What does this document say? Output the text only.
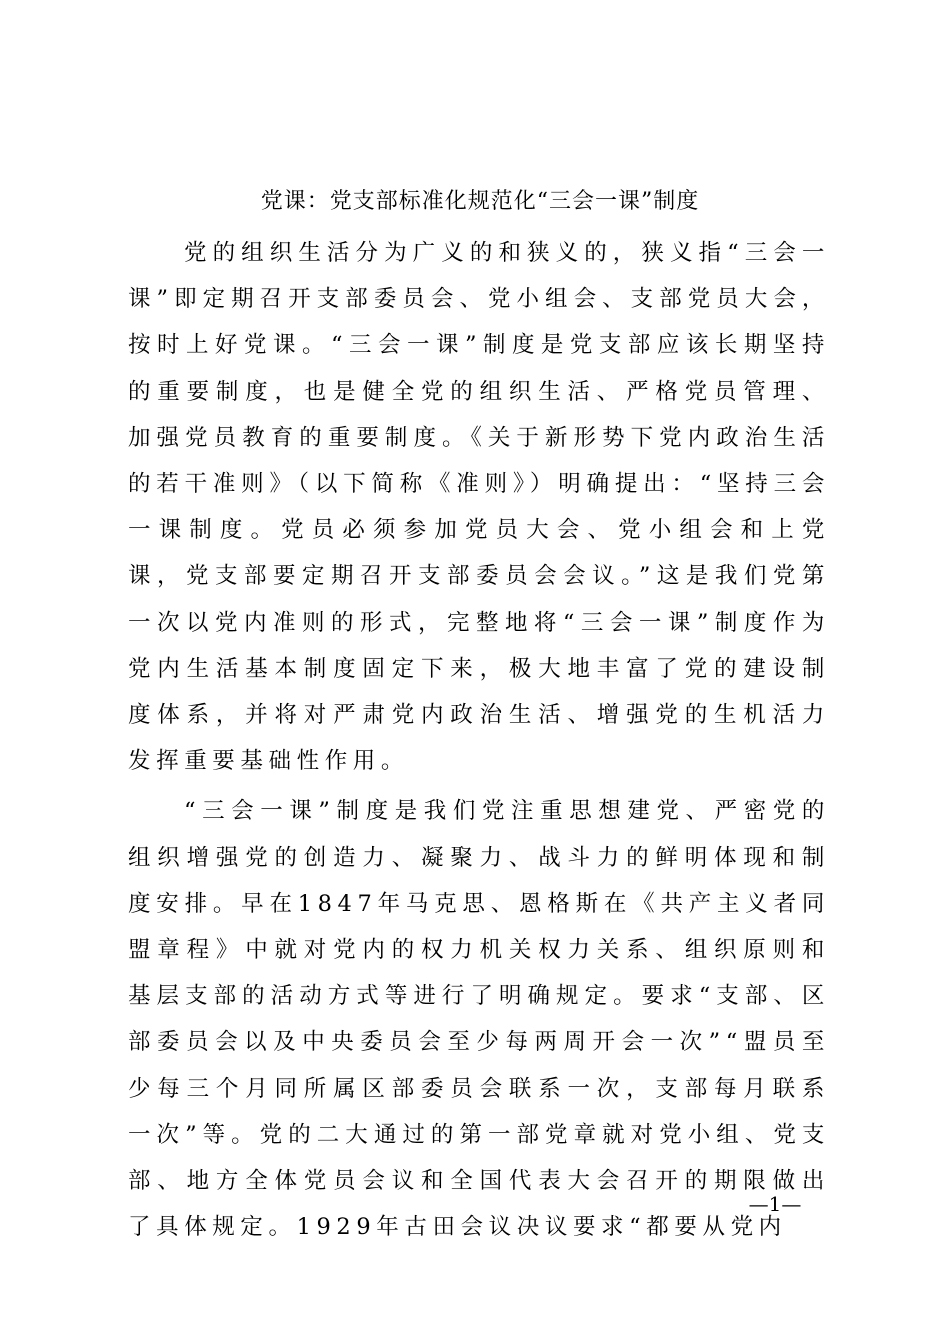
党课：党支部标准化规范化“三会一课”制度

党的组织生活分为广义的和狭义的，狭义指“三会一课”即定期召开支部委员会、党小组会、支部党员大会，按时上好党课。“三会一课”制度是党支部应该长期坚持的重要制度，也是健全党的组织生活、严格党员管理、加强党员教育的重要制度。《关于新形势下党内政治生活的若干准则》（以下简称《准则》）明确提出：“坚持三会一课制度。党员必须参加党员大会、党小组会和上党课，党支部要定期召开支部委员会会议。”这是我们党第一次以党内准则的形式，完整地将“三会一课”制度作为党内生活基本制度固定下来，极大地丰富了党的建设制度体系，并将对严肃党内政治生活、增强党的生机活力发挥重要基础性作用。

“三会一课”制度是我们党注重思想建党、严密党的组织增强党的创造力、凝聚力、战斗力的鲜明体现和制度安排。早在1847年马克思、恩格斯在《共产主义者同盟章程》中就对党内的权力机关权力关系、组织原则和基层支部的活动方式等进行了明确规定。要求“支部、区部委员会以及中央委员会至少每两周开会一次”“盟员至少每三个月同所属区部委员会联系一次，支部每月联系一次”等。党的二大通过的第一部党章就对党小组、党支部、地方全体党员会议和全国代表大会召开的期限做出了具体规定。1929年古田会议决议要求“都要从党内

—1—
